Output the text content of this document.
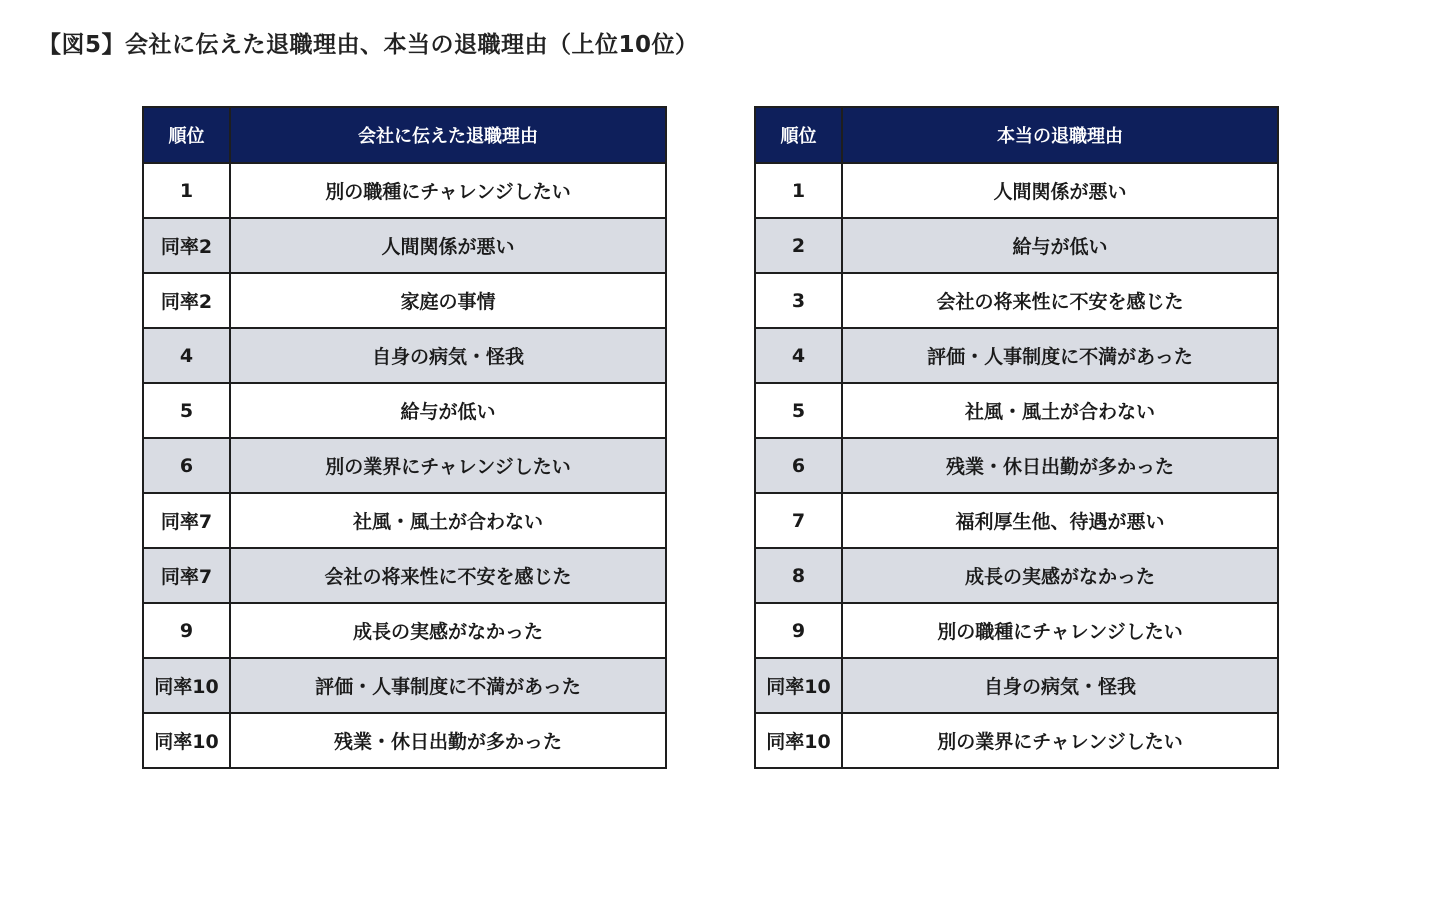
【図5】会社に伝えた退職理由、本当の退職理由（上位10位）
順位	会社に伝えた退職理由
1	別の職種にチャレンジしたい
同率2	人間関係が悪い
同率2	家庭の事情
4	自身の病気・怪我
5	給与が低い
6	別の業界にチャレンジしたい
同率7	社風・風土が合わない
同率7	会社の将来性に不安を感じた
9	成長の実感がなかった
同率10	評価・人事制度に不満があった
同率10	残業・休日出勤が多かった
順位	本当の退職理由
1	人間関係が悪い
2	給与が低い
3	会社の将来性に不安を感じた
4	評価・人事制度に不満があった
5	社風・風土が合わない
6	残業・休日出勤が多かった
7	福利厚生他、待遇が悪い
8	成長の実感がなかった
9	別の職種にチャレンジしたい
同率10	自身の病気・怪我
同率10	別の業界にチャレンジしたい
